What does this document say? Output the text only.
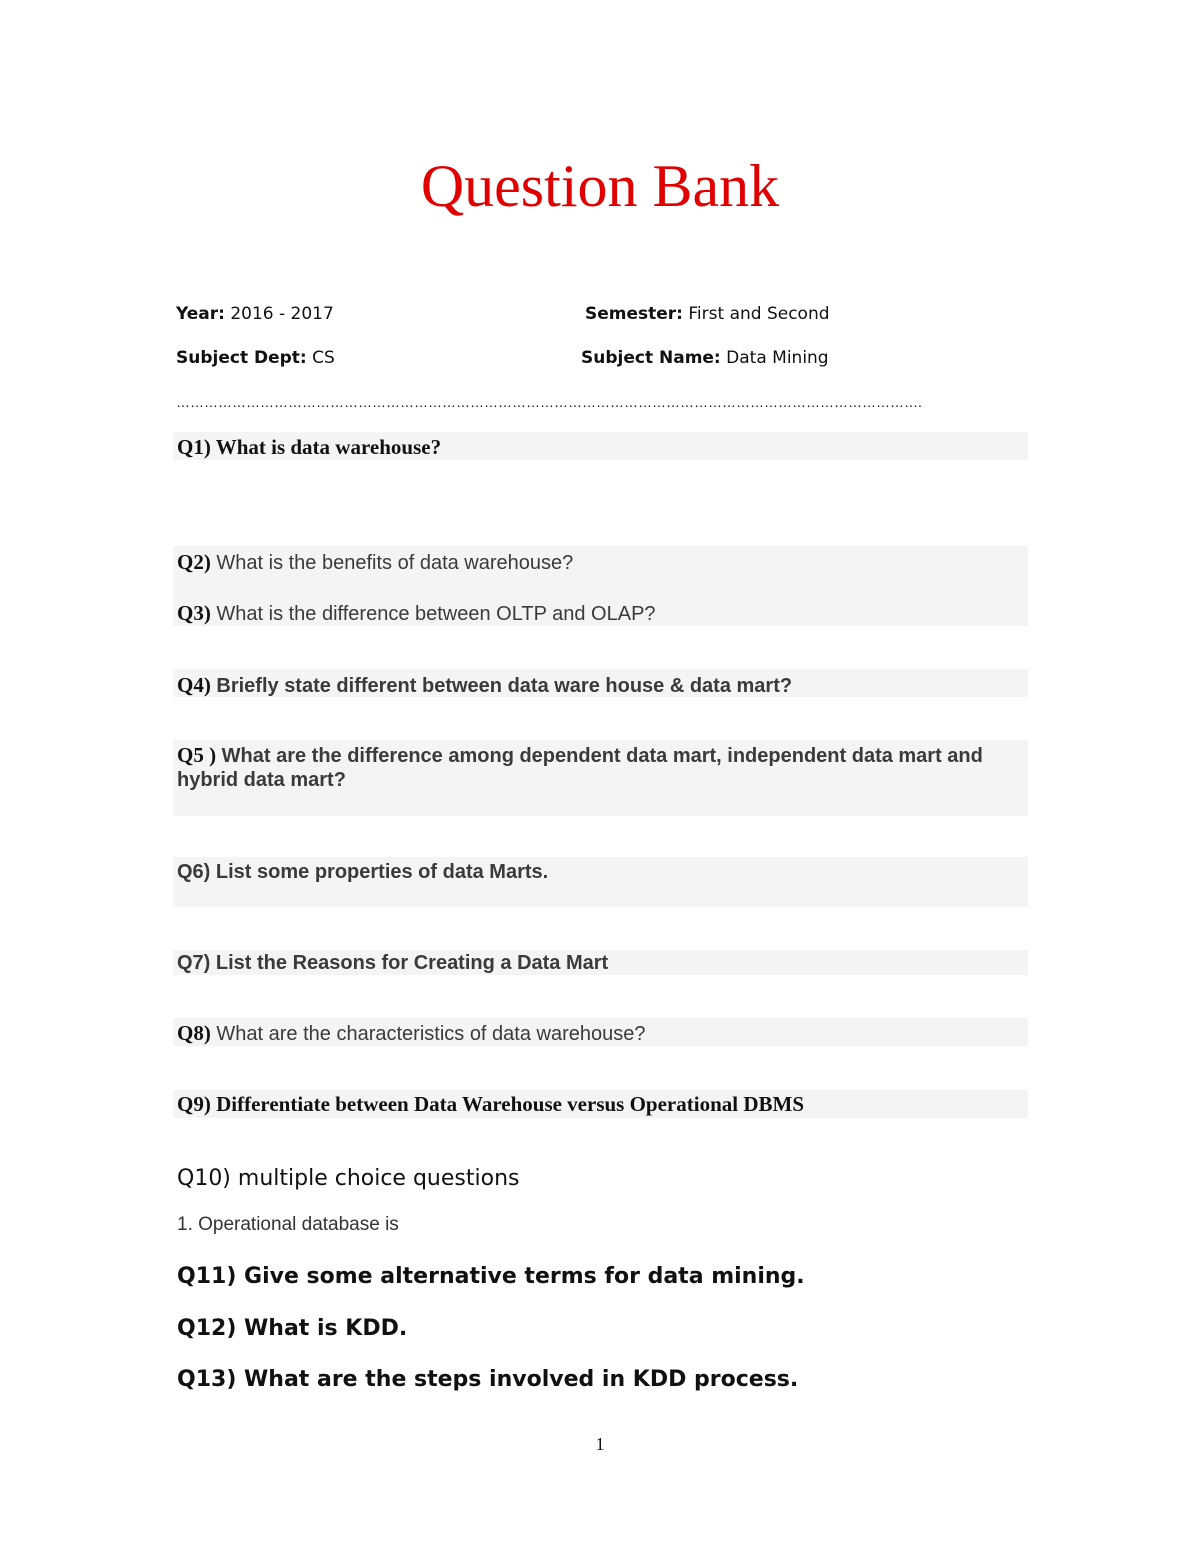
Question Bank
Year: 2016 - 2017	Semester: First and Second
Subject Dept: CS	Subject Name: Data Mining
…………………………………………………………………………………………………………………………………………….
Q1) What is data warehouse?
Q2) What is the benefits of data warehouse?
Q3) What is the difference between OLTP and OLAP?
Q4) Briefly state different between data ware house & data mart?
Q5 ) What are the difference among dependent data mart, independent data mart and hybrid data mart?
Q6) List some properties of data Marts.
Q7) List the Reasons for Creating a Data Mart
Q8) What are the characteristics of data warehouse?
Q9) Differentiate between Data Warehouse versus Operational DBMS
Q10) multiple choice questions
1. Operational database is
Q11) Give some alternative terms for data mining.
Q12) What is KDD.
Q13) What are the steps involved in KDD process.
1
